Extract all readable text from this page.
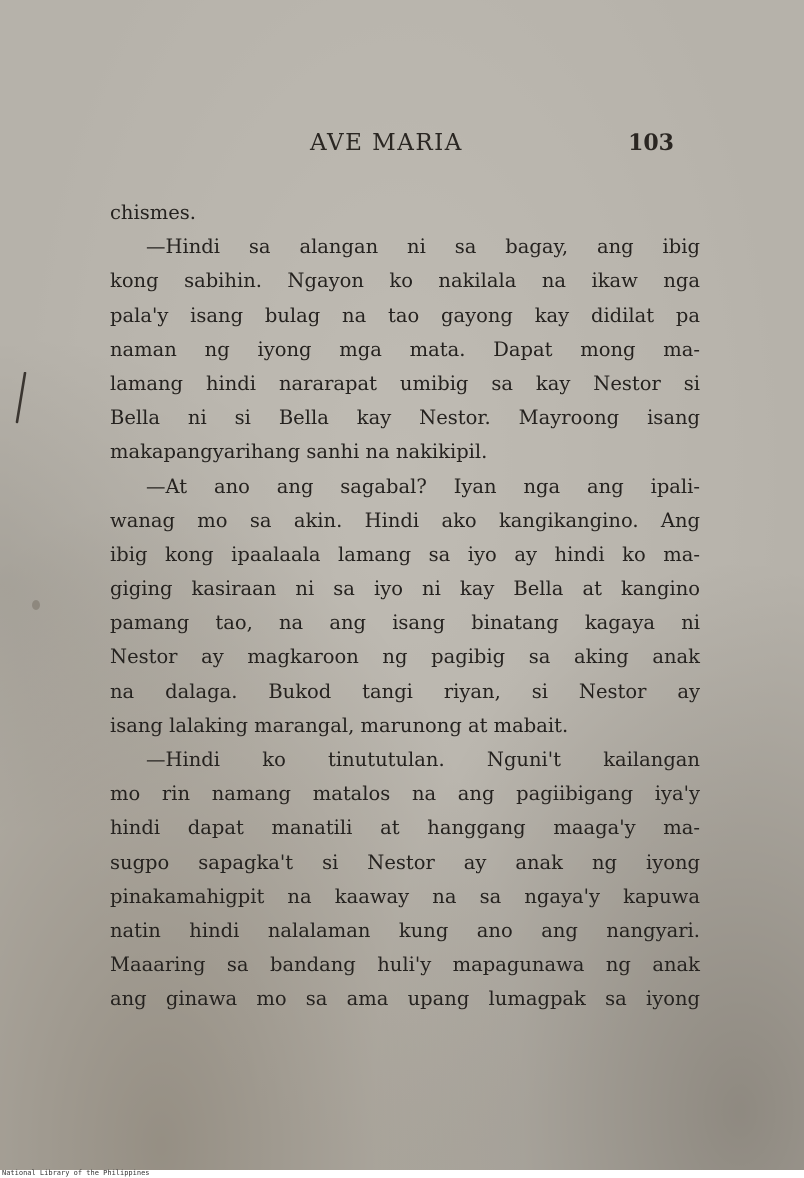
AVE MARIA	103
chismes.
—Hindi sa alangan ni sa bagay, ang ibig
kong sabihin. Ngayon ko nakilala na ikaw nga
pala'y isang bulag na tao gayong kay didilat pa
naman ng iyong mga mata. Dapat mong ma-
lamang hindi nararapat umibig sa kay Nestor si
Bella ni si Bella kay Nestor. Mayroong isang
makapangyarihang sanhi na nakikipil.
—At ano ang sagabal? Iyan nga ang ipali-
wanag mo sa akin. Hindi ako kangikangino. Ang
ibig kong ipaalaala lamang sa iyo ay hindi ko ma-
giging kasiraan ni sa iyo ni kay Bella at kangino
pamang tao, na ang isang binatang kagaya ni
Nestor ay magkaroon ng pagibig sa aking anak
na dalaga. Bukod tangi riyan, si Nestor ay
isang lalaking marangal, marunong at mabait.
—Hindi ko tinututulan. Nguni't kailangan
mo rin namang matalos na ang pagiibigang iya'y
hindi dapat manatili at hanggang maaga'y ma-
sugpo sapagka't si Nestor ay anak ng iyong
pinakamahigpit na kaaway na sa ngaya'y kapuwa
natin hindi nalalaman kung ano ang nangyari.
Maaaring sa bandang huli'y mapagunawa ng anak
ang ginawa mo sa ama upang lumagpak sa iyong
National Library of the Philippines
